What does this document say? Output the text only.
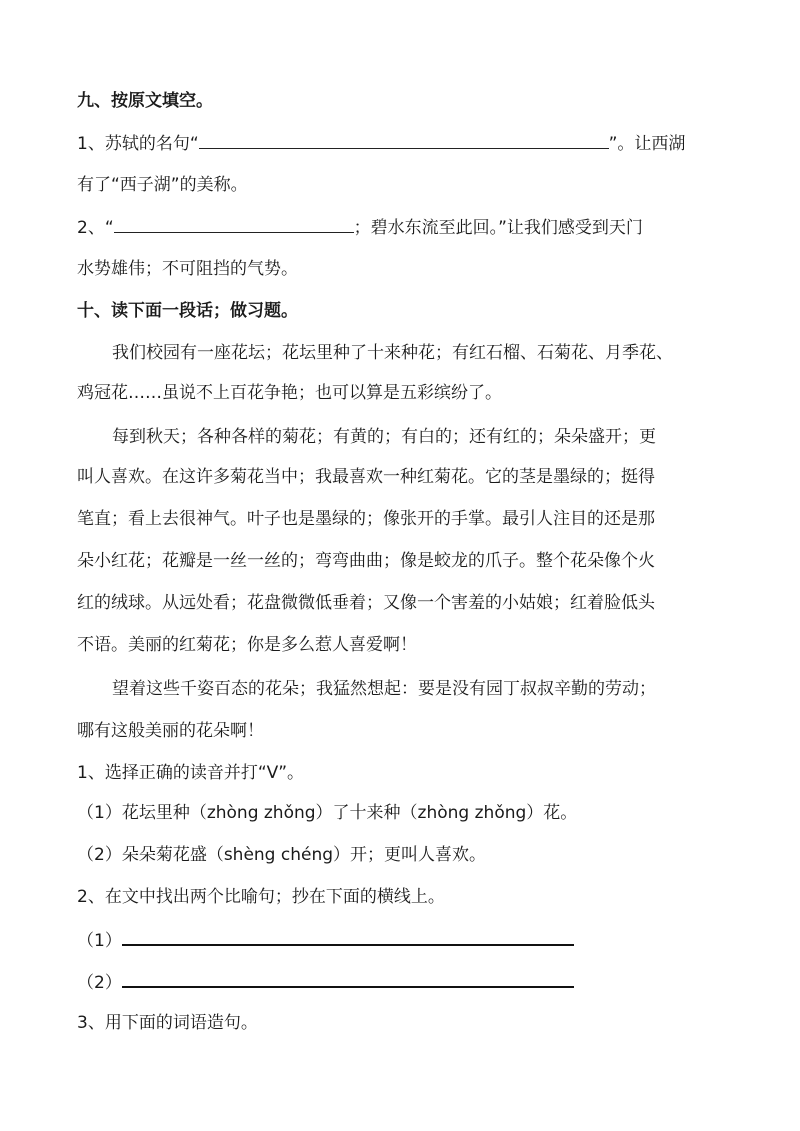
九、按原文填空。
1、苏轼的名句“	”。让西湖
有了“西子湖”的美称。
2、“	；碧水东流至此回。”让我们感受到天门
水势雄伟；不可阻挡的气势。
十、读下面一段话；做习题。
我们校园有一座花坛；花坛里种了十来种花；有红石榴、石菊花、月季花、
鸡冠花……虽说不上百花争艳；也可以算是五彩缤纷了。
每到秋天；各种各样的菊花；有黄的；有白的；还有红的；朵朵盛开；更
叫人喜欢。在这许多菊花当中；我最喜欢一种红菊花。它的茎是墨绿的；挺得
笔直；看上去很神气。叶子也是墨绿的；像张开的手掌。最引人注目的还是那
朵小红花；花瓣是一丝一丝的；弯弯曲曲；像是蛟龙的爪子。整个花朵像个火
红的绒球。从远处看；花盘微微低垂着；又像一个害羞的小姑娘；红着脸低头
不语。美丽的红菊花；你是多么惹人喜爱啊！
望着这些千姿百态的花朵；我猛然想起：要是没有园丁叔叔辛勤的劳动；
哪有这般美丽的花朵啊！
1、选择正确的读音并打“V”。
（1）花坛里种（zhòng zhǒng）了十来种（zhòng zhǒng）花。
（2）朵朵菊花盛（shèng chéng）开；更叫人喜欢。
2、在文中找出两个比喻句；抄在下面的横线上。
（1）
（2）
3、用下面的词语造句。
